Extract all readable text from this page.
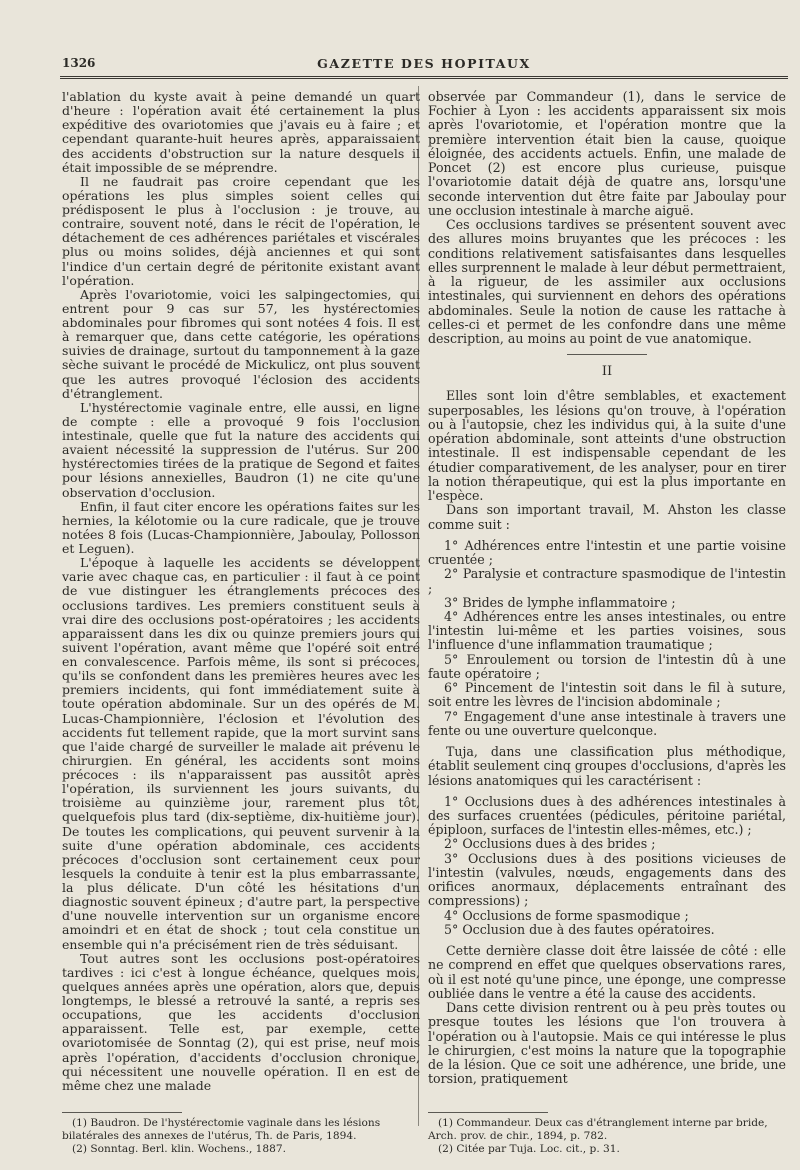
1326	GAZETTE DES HOPITAUX

l'ablation du kyste avait à peine demandé un quart d'heure : l'opération avait été certainement la plus expéditive des ovariotomies que j'avais eu à faire ; et cependant quarante-huit heures après, apparaissaient des accidents d'obstruction sur la nature desquels il était impossible de se méprendre.

Il ne faudrait pas croire cependant que les opérations les plus simples soient celles qui prédisposent le plus à l'occlusion : je trouve, au contraire, souvent noté, dans le récit de l'opération, le détachement de ces adhérences pariétales et viscérales plus ou moins solides, déjà anciennes et qui sont l'indice d'un certain degré de péritonite existant avant l'opération.

Après l'ovariotomie, voici les salpingectomies, qui entrent pour 9 cas sur 57, les hystérectomies abdominales pour fibromes qui sont notées 4 fois. Il est à remarquer que, dans cette catégorie, les opérations suivies de drainage, surtout du tamponnement à la gaze sèche suivant le procédé de Mickulicz, ont plus souvent que les autres provoqué l'éclosion des accidents d'étranglement.

L'hystérectomie vaginale entre, elle aussi, en ligne de compte : elle a provoqué 9 fois l'occlusion intestinale, quelle que fut la nature des accidents qui avaient nécessité la suppression de l'utérus. Sur 200 hystérectomies tirées de la pratique de Segond et faites pour lésions annexielles, Baudron (1) ne cite qu'une observation d'occlusion.

Enfin, il faut citer encore les opérations faites sur les hernies, la kélotomie ou la cure radicale, que je trouve notées 8 fois (Lucas-Championnière, Jaboulay, Pollosson et Leguen).

L'époque à laquelle les accidents se développent varie avec chaque cas, en particulier : il faut à ce point de vue distinguer les étranglements précoces des occlusions tardives. Les premiers constituent seuls à vrai dire des occlusions post-opératoires ; les accidents apparaissent dans les dix ou quinze premiers jours qui suivent l'opération, avant même que l'opéré soit entré en convalescence. Parfois même, ils sont si précoces, qu'ils se confondent dans les premières heures avec les premiers incidents, qui font immédiatement suite à toute opération abdominale. Sur un des opérés de M. Lucas-Championnière, l'éclosion et l'évolution des accidents fut tellement rapide, que la mort survint sans que l'aide chargé de surveiller le malade ait prévenu le chirurgien. En général, les accidents sont moins précoces : ils n'apparaissent pas aussitôt après l'opération, ils surviennent les jours suivants, du troisième au quinzième jour, rarement plus tôt, quelquefois plus tard (dix-septième, dix-huitième jour). De toutes les complications, qui peuvent survenir à la suite d'une opération abdominale, ces accidents précoces d'occlusion sont certainement ceux pour lesquels la conduite à tenir est la plus embarrassante, la plus délicate. D'un côté les hésitations d'un diagnostic souvent épineux ; d'autre part, la perspective d'une nouvelle intervention sur un organisme encore amoindri et en état de shock ; tout cela constitue un ensemble qui n'a précisément rien de très séduisant.

Tout autres sont les occlusions post-opératoires tardives : ici c'est à longue échéance, quelques mois, quelques années après une opération, alors que, depuis longtemps, le blessé a retrouvé la santé, a repris ses occupations, que les accidents d'occlusion apparaissent. Telle est, par exemple, cette ovariotomisée de Sonntag (2), qui est prise, neuf mois après l'opération, d'accidents d'occlusion chronique, qui nécessitent une nouvelle opération. Il en est de même chez une malade

observée par Commandeur (1), dans le service de Fochier à Lyon : les accidents apparaissent six mois après l'ovariotomie, et l'opération montre que la première intervention était bien la cause, quoique éloignée, des accidents actuels. Enfin, une malade de Poncet (2) est encore plus curieuse, puisque l'ovariotomie datait déjà de quatre ans, lorsqu'une seconde intervention dut être faite par Jaboulay pour une occlusion intestinale à marche aiguë.

Ces occlusions tardives se présentent souvent avec des allures moins bruyantes que les précoces : les conditions relativement satisfaisantes dans lesquelles elles surprennent le malade à leur début permettraient, à la rigueur, de les assimiler aux occlusions intestinales, qui surviennent en dehors des opérations abdominales. Seule la notion de cause les rattache à celles-ci et permet de les confondre dans une même description, au moins au point de vue anatomique.

II

Elles sont loin d'être semblables, et exactement superposables, les lésions qu'on trouve, à l'opération ou à l'autopsie, chez les individus qui, à la suite d'une opération abdominale, sont atteints d'une obstruction intestinale. Il est indispensable cependant de les étudier comparativement, de les analyser, pour en tirer la notion thérapeutique, qui est la plus importante en l'espèce.

Dans son important travail, M. Ahston les classe comme suit :

1° Adhérences entre l'intestin et une partie voisine cruentée ;

2° Paralysie et contracture spasmodique de l'intestin ;

3° Brides de lymphe inflammatoire ;

4° Adhérences entre les anses intestinales, ou entre l'intestin lui-même et les parties voisines, sous l'influence d'une inflammation traumatique ;

5° Enroulement ou torsion de l'intestin dû à une faute opératoire ;

6° Pincement de l'intestin soit dans le fil à suture, soit entre les lèvres de l'incision abdominale ;

7° Engagement d'une anse intestinale à travers une fente ou une ouverture quelconque.

Tuja, dans une classification plus méthodique, établit seulement cinq groupes d'occlusions, d'après les lésions anatomiques qui les caractérisent :

1° Occlusions dues à des adhérences intestinales à des surfaces cruentées (pédicules, péritoine pariétal, épiploon, surfaces de l'intestin elles-mêmes, etc.) ;

2° Occlusions dues à des brides ;

3° Occlusions dues à des positions vicieuses de l'intestin (valvules, nœuds, engagements dans des orifices anormaux, déplacements entraînant des compressions) ;

4° Occlusions de forme spasmodique ;

5° Occlusion due à des fautes opératoires.

Cette dernière classe doit être laissée de côté : elle ne comprend en effet que quelques observations rares, où il est noté qu'une pince, une éponge, une compresse oubliée dans le ventre a été la cause des accidents.

Dans cette division rentrent ou à peu près toutes ou presque toutes les lésions que l'on trouvera à l'opération ou à l'autopsie. Mais ce qui intéresse le plus le chirurgien, c'est moins la nature que la topographie de la lésion. Que ce soit une adhérence, une bride, une torsion, pratiquement

(1) Baudron. De l'hystérectomie vaginale dans les lésions bilatérales des annexes de l'utérus, Th. de Paris, 1894.

(2) Sonntag. Berl. klin. Wochens., 1887.

(1) Commandeur. Deux cas d'étranglement interne par bride, Arch. prov. de chir., 1894, p. 782.

(2) Citée par Tuja. Loc. cit., p. 31.
